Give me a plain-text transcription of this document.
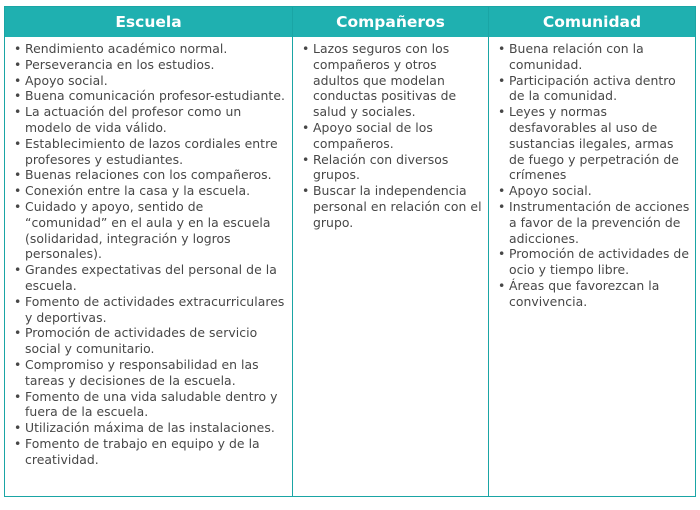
Escuela
• Rendimiento académico normal.
• Perseverancia en los estudios.
• Apoyo social.
• Buena comunicación profesor-estudiante.
• La actuación del profesor como un modelo de vida válido.
• Establecimiento de lazos cordiales entre profesores y estudiantes.
• Buenas relaciones con los compañeros.
• Conexión entre la casa y la escuela.
• Cuidado y apoyo, sentido de “comunidad” en el aula y en la escuela (solidaridad, integración y logros personales).
• Grandes expectativas del personal de la escuela.
• Fomento de actividades extracurriculares y deportivas.
• Promoción de actividades de servicio social y comunitario.
• Compromiso y responsabilidad en las tareas y decisiones de la escuela.
• Fomento de una vida saludable dentro y fuera de la escuela.
• Utilización máxima de las instalaciones.
• Fomento de trabajo en equipo y de la creatividad.
Compañeros
• Lazos seguros con los compañeros y otros adultos que modelan conductas positivas de salud y sociales.
• Apoyo social de los compañeros.
• Relación con diversos grupos.
• Buscar la independencia personal en relación con el grupo.
Comunidad
• Buena relación con la comunidad.
• Participación activa dentro de la comunidad.
• Leyes y normas desfavorables al uso de sustancias ilegales, armas de fuego y perpetración de crímenes
• Apoyo social.
• Instrumentación de acciones a favor de la prevención de adicciones.
• Promoción de actividades de ocio y tiempo libre.
• Áreas que favorezcan la convivencia.
